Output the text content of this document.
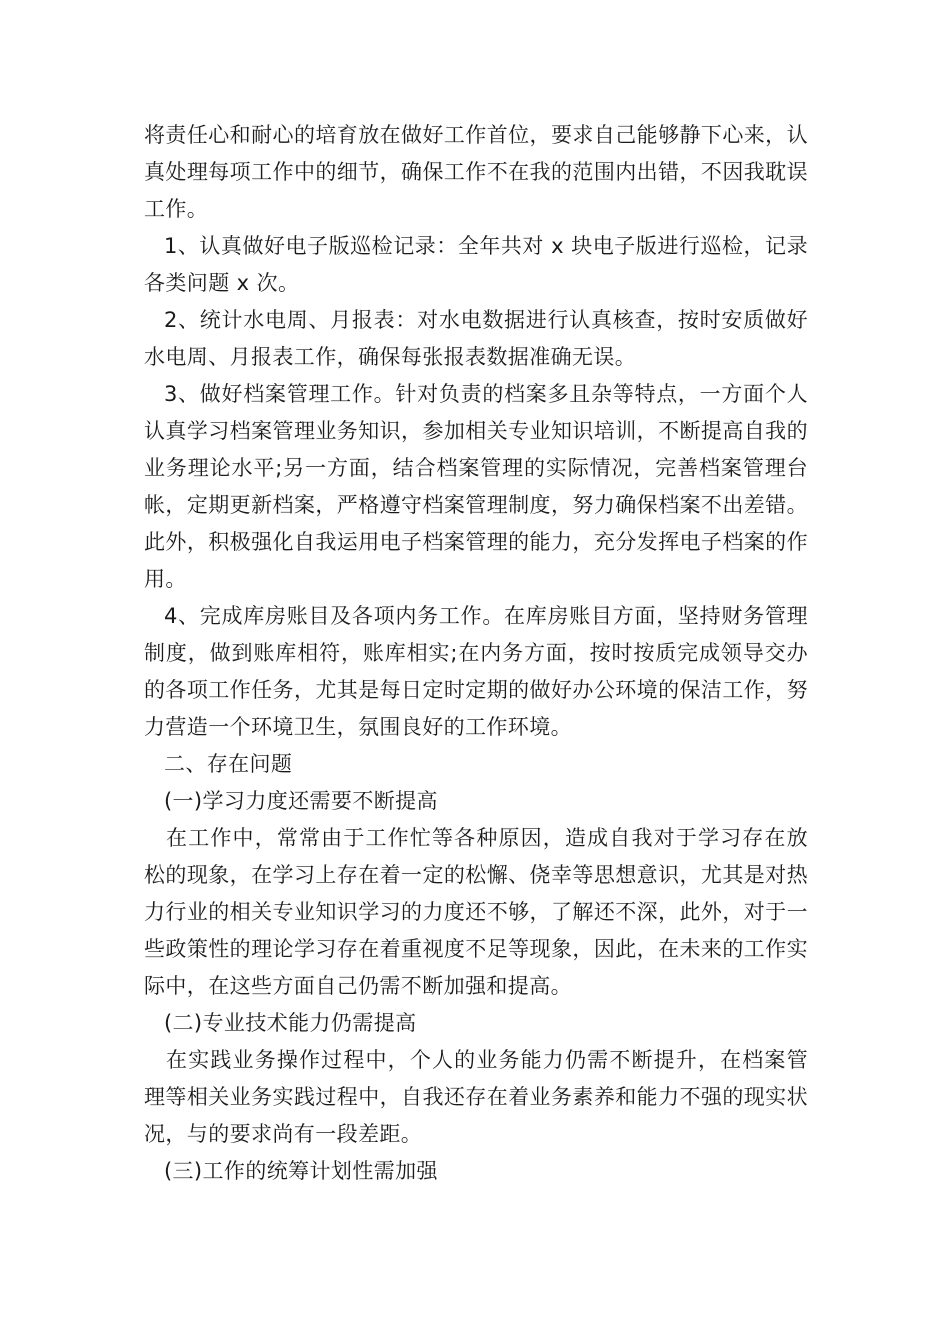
将责任心和耐心的培育放在做好工作首位，要求自己能够静下心来，认真处理每项工作中的细节，确保工作不在我的范围内出错，不因我耽误工作。

1、认真做好电子版巡检记录：全年共对 x 块电子版进行巡检，记录各类问题 x 次。

2、统计水电周、月报表：对水电数据进行认真核查，按时安质做好水电周、月报表工作，确保每张报表数据准确无误。

3、做好档案管理工作。针对负责的档案多且杂等特点，一方面个人认真学习档案管理业务知识，参加相关专业知识培训，不断提高自我的业务理论水平;另一方面，结合档案管理的实际情况，完善档案管理台帐，定期更新档案，严格遵守档案管理制度，努力确保档案不出差错。此外，积极强化自我运用电子档案管理的能力，充分发挥电子档案的作用。

4、完成库房账目及各项内务工作。在库房账目方面，坚持财务管理制度，做到账库相符，账库相实;在内务方面，按时按质完成领导交办的各项工作任务，尤其是每日定时定期的做好办公环境的保洁工作，努力营造一个环境卫生，氛围良好的工作环境。

二、存在问题

(一)学习力度还需要不断提高

在工作中，常常由于工作忙等各种原因，造成自我对于学习存在放松的现象，在学习上存在着一定的松懈、侥幸等思想意识，尤其是对热力行业的相关专业知识学习的力度还不够，了解还不深，此外，对于一些政策性的理论学习存在着重视度不足等现象，因此，在未来的工作实际中，在这些方面自己仍需不断加强和提高。

(二)专业技术能力仍需提高

在实践业务操作过程中，个人的业务能力仍需不断提升，在档案管理等相关业务实践过程中，自我还存在着业务素养和能力不强的现实状况，与的要求尚有一段差距。

(三)工作的统筹计划性需加强
